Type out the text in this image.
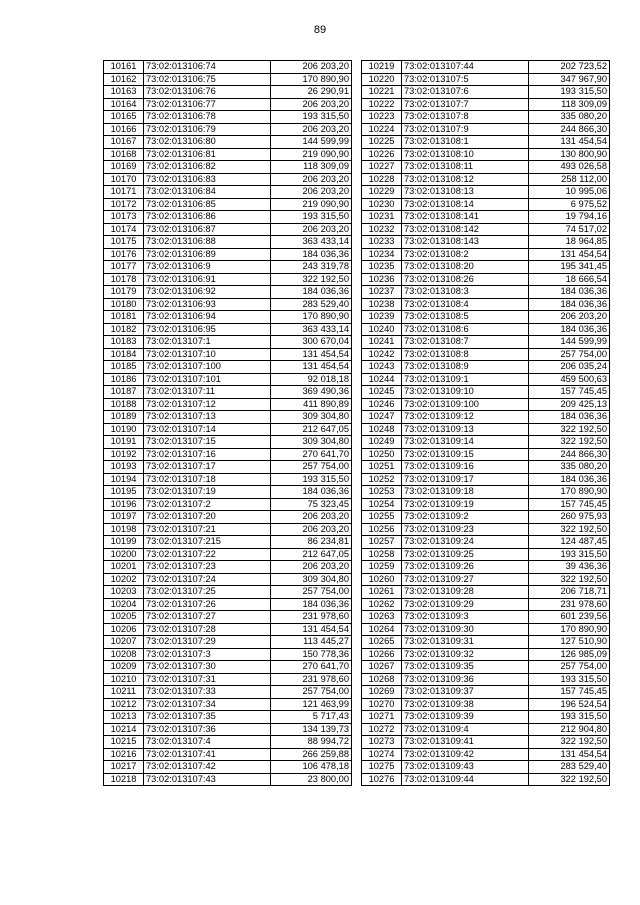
89
10161	73:02:013106:74	206 203,20
10162	73:02:013106:75	170 890,90
10163	73:02:013106:76	26 290,91
10164	73:02:013106:77	206 203,20
10165	73:02:013106:78	193 315,50
10166	73:02:013106:79	206 203,20
10167	73:02:013106:80	144 599,99
10168	73:02:013106:81	219 090,90
10169	73:02:013106:82	118 309,09
10170	73:02:013106:83	206 203,20
10171	73:02:013106:84	206 203,20
10172	73:02:013106:85	219 090,90
10173	73:02:013106:86	193 315,50
10174	73:02:013106:87	206 203,20
10175	73:02:013106:88	363 433,14
10176	73:02:013106:89	184 036,36
10177	73:02:013106:9	243 319,78
10178	73:02:013106:91	322 192,50
10179	73:02:013106:92	184 036,36
10180	73:02:013106:93	283 529,40
10181	73:02:013106:94	170 890,90
10182	73:02:013106:95	363 433,14
10183	73:02:013107:1	300 670,04
10184	73:02:013107:10	131 454,54
10185	73:02:013107:100	131 454,54
10186	73:02:013107:101	92 018,18
10187	73:02:013107:11	369 490,36
10188	73:02:013107:12	411 890,89
10189	73:02:013107:13	309 304,80
10190	73:02:013107:14	212 647,05
10191	73:02:013107:15	309 304,80
10192	73:02:013107:16	270 641,70
10193	73:02:013107:17	257 754,00
10194	73:02:013107:18	193 315,50
10195	73:02:013107:19	184 036,36
10196	73:02:013107:2	75 323,45
10197	73:02:013107:20	206 203,20
10198	73:02:013107:21	206 203,20
10199	73:02:013107:215	86 234,81
10200	73:02:013107:22	212 647,05
10201	73:02:013107:23	206 203,20
10202	73:02:013107:24	309 304,80
10203	73:02:013107:25	257 754,00
10204	73:02:013107:26	184 036,36
10205	73:02:013107:27	231 978,60
10206	73:02:013107:28	131 454,54
10207	73:02:013107:29	113 445,27
10208	73:02:013107:3	150 778,36
10209	73:02:013107:30	270 641,70
10210	73:02:013107:31	231 978,60
10211	73:02:013107:33	257 754,00
10212	73:02:013107:34	121 463,99
10213	73:02:013107:35	5 717,43
10214	73:02:013107:36	134 139,73
10215	73:02:013107:4	88 994,72
10216	73:02:013107:41	266 259,88
10217	73:02:013107:42	106 478,18
10218	73:02:013107:43	23 800,00
10219	73:02:013107:44	202 723,52
10220	73:02:013107:5	347 967,90
10221	73:02:013107:6	193 315,50
10222	73:02:013107:7	118 309,09
10223	73:02:013107:8	335 080,20
10224	73:02:013107:9	244 866,30
10225	73:02:013108:1	131 454,54
10226	73:02:013108:10	130 800,90
10227	73:02:013108:11	493 026,58
10228	73:02:013108:12	258 112,00
10229	73:02:013108:13	10 995,06
10230	73:02:013108:14	6 975,52
10231	73:02:013108:141	19 794,16
10232	73:02:013108:142	74 517,02
10233	73:02:013108:143	18 964,85
10234	73:02:013108:2	131 454,54
10235	73:02:013108:20	195 341,45
10236	73:02:013108:26	18 666,54
10237	73:02:013108:3	184 036,36
10238	73:02:013108:4	184 036,36
10239	73:02:013108:5	206 203,20
10240	73:02:013108:6	184 036,36
10241	73:02:013108:7	144 599,99
10242	73:02:013108:8	257 754,00
10243	73:02:013108:9	206 035,24
10244	73:02:013109:1	459 500,63
10245	73:02:013109:10	157 745,45
10246	73:02:013109:100	209 425,13
10247	73:02:013109:12	184 036,36
10248	73:02:013109:13	322 192,50
10249	73:02:013109:14	322 192,50
10250	73:02:013109:15	244 866,30
10251	73:02:013109:16	335 080,20
10252	73:02:013109:17	184 036,36
10253	73:02:013109:18	170 890,90
10254	73:02:013109:19	157 745,45
10255	73:02:013109:2	260 975,93
10256	73:02:013109:23	322 192,50
10257	73:02:013109:24	124 487,45
10258	73:02:013109:25	193 315,50
10259	73:02:013109:26	39 436,36
10260	73:02:013109:27	322 192,50
10261	73:02:013109:28	206 718,71
10262	73:02:013109:29	231 978,60
10263	73:02:013109:3	601 239,56
10264	73:02:013109:30	170 890,90
10265	73:02:013109:31	127 510,90
10266	73:02:013109:32	126 985,09
10267	73:02:013109:35	257 754,00
10268	73:02:013109:36	193 315,50
10269	73:02:013109:37	157 745,45
10270	73:02:013109:38	196 524,54
10271	73:02:013109:39	193 315,50
10272	73:02:013109:4	212 904,80
10273	73:02:013109:41	322 192,50
10274	73:02:013109:42	131 454,54
10275	73:02:013109:43	283 529,40
10276	73:02:013109:44	322 192,50
